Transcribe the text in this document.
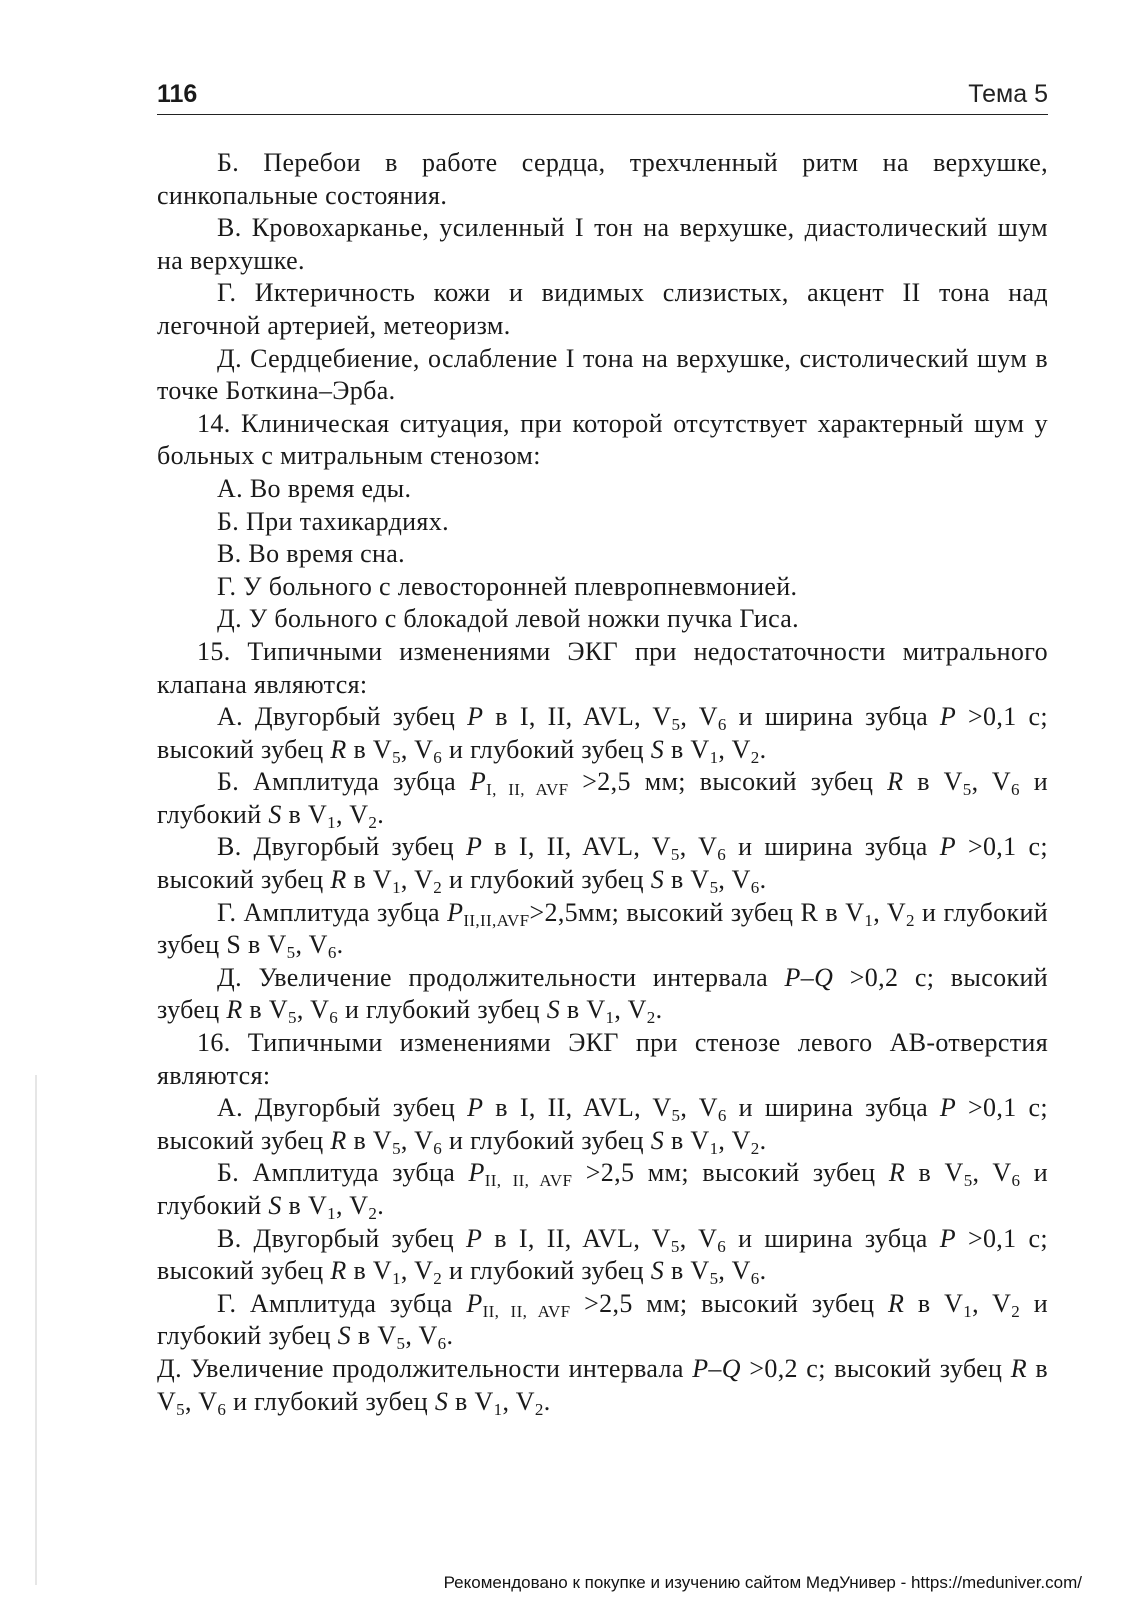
116	Тема 5

Б. Перебои в работе сердца, трехчленный ритм на верхушке, синкопальные состояния.

В. Кровохарканье, усиленный I тон на верхушке, диастолический шум на верхушке.

Г. Иктеричность кожи и видимых слизистых, акцент II тона над легочной артерией, метеоризм.

Д. Сердцебиение, ослабление I тона на верхушке, систолический шум в точке Боткина–Эрба.

14. Клиническая ситуация, при которой отсутствует характерный шум у больных с митральным стенозом:

А. Во время еды.

Б. При тахикардиях.

В. Во время сна.

Г. У больного с левосторонней плевропневмонией.

Д. У больного с блокадой левой ножки пучка Гиса.

15. Типичными изменениями ЭКГ при недостаточности митрального клапана являются:

А. Двугорбый зубец P в I, II, AVL, $V_5$, $V_6$ и ширина зубца P >0,1 с; высокий зубец R в $V_5$, $V_6$ и глубокий зубец S в $V_1$, $V_2$.

Б. Амплитуда зубца $P_{I, II, AVF} >2,5$ мм; высокий зубец R в $V_5$, $V_6$ и глубокий S в $V_1$, $V_2$.

В. Двугорбый зубец P в I, II, AVL, $V_5$, $V_6$ и ширина зубца P >0,1 с; высокий зубец R в $V_1$, $V_2$ и глубокий зубец S в $V_5$, $V_6$.

Г. Амплитуда зубца $P_{II,II,AVF}>2,5мм$; высокий зубец R в $V_1$, $V_2$ и глубокий зубец S в $V_5$, $V_6$.

Д. Увеличение продолжительности интервала P–Q >0,2 с; высокий зубец R в $V_5$, $V_6$ и глубокий зубец S в $V_1$, $V_2$.

16. Типичными изменениями ЭКГ при стенозе левого АВ-отверстия являются:

А. Двугорбый зубец P в I, II, AVL, $V_5$, $V_6$ и ширина зубца P >0,1 с; высокий зубец R в $V_5$, $V_6$ и глубокий зубец S в $V_1$, $V_2$.

Б. Амплитуда зубца $P_{II, II, AVF} >2,5$ мм; высокий зубец R в $V_5$, $V_6$ и глубокий S в $V_1$, $V_2$.

В. Двугорбый зубец P в I, II, AVL, $V_5$, $V_6$ и ширина зубца P >0,1 с; высокий зубец R в $V_1$, $V_2$ и глубокий зубец S в $V_5$, $V_6$.

Г. Амплитуда зубца $P_{II, II, AVF} >2,5$ мм; высокий зубец R в $V_1$, $V_2$ и глубокий зубец S в $V_5$, $V_6$.

Д. Увеличение продолжительности интервала P–Q >0,2 с; высокий зубец R в $V_5$, $V_6$ и глубокий зубец S в $V_1$, $V_2$.

Рекомендовано к покупке и изучению сайтом МедУнивер - https://meduniver.com/
